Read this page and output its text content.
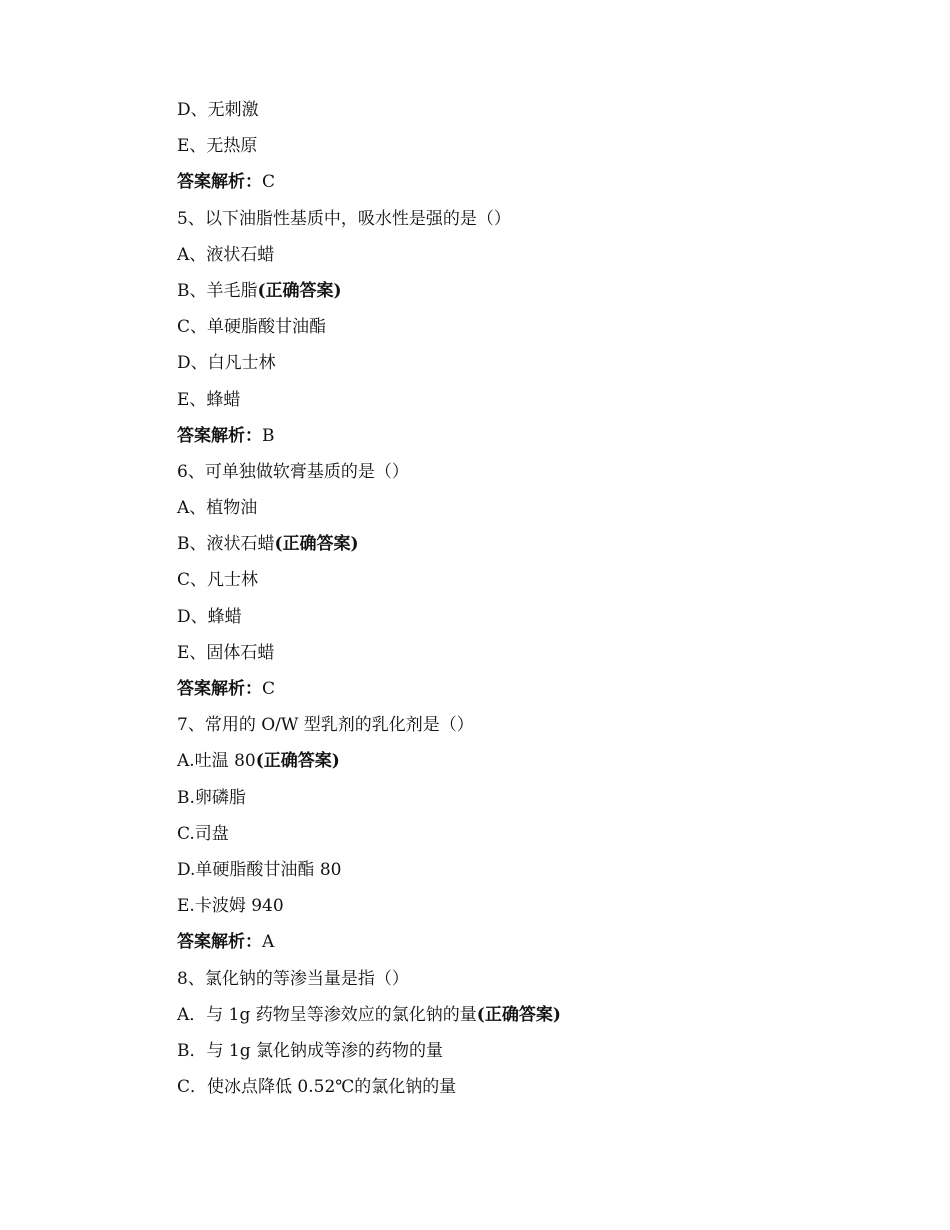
D、无刺激
E、无热原
答案解析：C
5、以下油脂性基质中，吸水性是强的是（）
A、液状石蜡
B、羊毛脂(正确答案)
C、单硬脂酸甘油酯
D、白凡士林
E、蜂蜡
答案解析：B
6、可单独做软膏基质的是（）
A、植物油
B、液状石蜡(正确答案)
C、凡士林
D、蜂蜡
E、固体石蜡
答案解析：C
7、常用的 O/W 型乳剂的乳化剂是（）
A.吐温 80(正确答案)
B.卵磷脂
C.司盘
D.单硬脂酸甘油酯 80
E.卡波姆 940
答案解析：A
8、氯化钠的等渗当量是指（）
A．与 1g 药物呈等渗效应的氯化钠的量(正确答案)
B．与 1g 氯化钠成等渗的药物的量
C．使冰点降低 0.52℃的氯化钠的量
